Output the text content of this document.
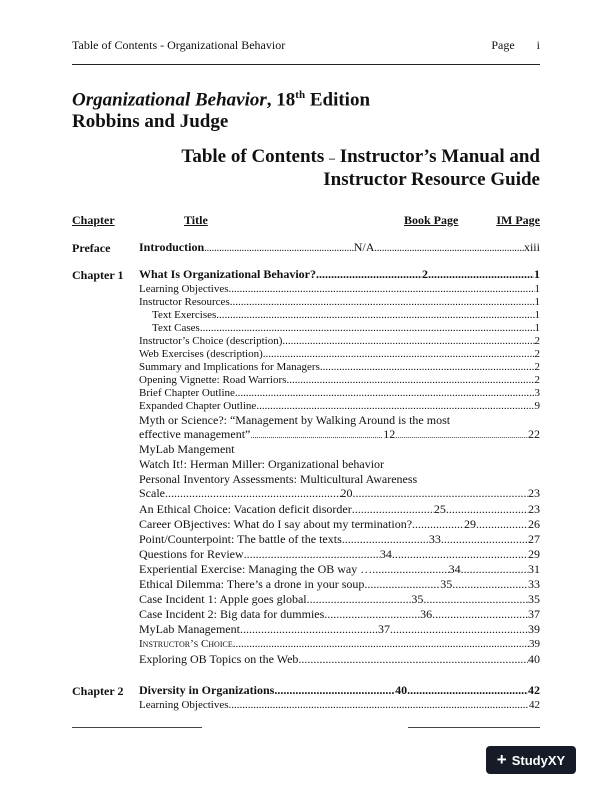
Table of Contents - Organizational Behavior	Page i
Organizational Behavior, 18th Edition
Robbins and Judge
Table of Contents – Instructor’s Manual and
Instructor Resource Guide
Chapter	Title	Book Page	IM Page
Preface Introduction .....	N/A .....	xiii
Chapter 1 What Is Organizational Behavior? .....	2 .....	1
Learning Objectives .....	1
Instructor Resources .....	1
Text Exercises .....	1
Text Cases .....	1
Instructor’s Choice (description) .....	2
Web Exercises (description) .....	2
Summary and Implications for Managers .....	2
Opening Vignette: Road Warriors .....	2
Brief Chapter Outline .....	3
Expanded Chapter Outline .....	9
Myth or Science?: “Management by Walking Around is the most
effective management” .....	12 .....	22
MyLab Mangement
Watch It!: Herman Miller: Organizational behavior
Personal Inventory Assessments: Multicultural Awareness
Scale .....	20 .....	23
An Ethical Choice: Vacation deficit disorder .....	25 .....	23
Career OBjectives: What do I say about my termination? .....	29 .....	26
Point/Counterpoint: The battle of the texts .....	33 .....	27
Questions for Review .....	34 .....	29
Experiential Exercise: Managing the OB way …... .....	34 .....	31
Ethical Dilemma: There’s a drone in your soup .....	35 .....	33
Case Incident 1: Apple goes global .....	35 .....	35
Case Incident 2: Big data for dummies .....	36 .....	37
MyLab Management .....	37 .....	39
Instructor’s Choice .....	39
Exploring OB Topics on the Web .....	40
Chapter 2 Diversity in Organizations .....	40 .....	42
Learning Objectives .....	42
+ StudyXY
